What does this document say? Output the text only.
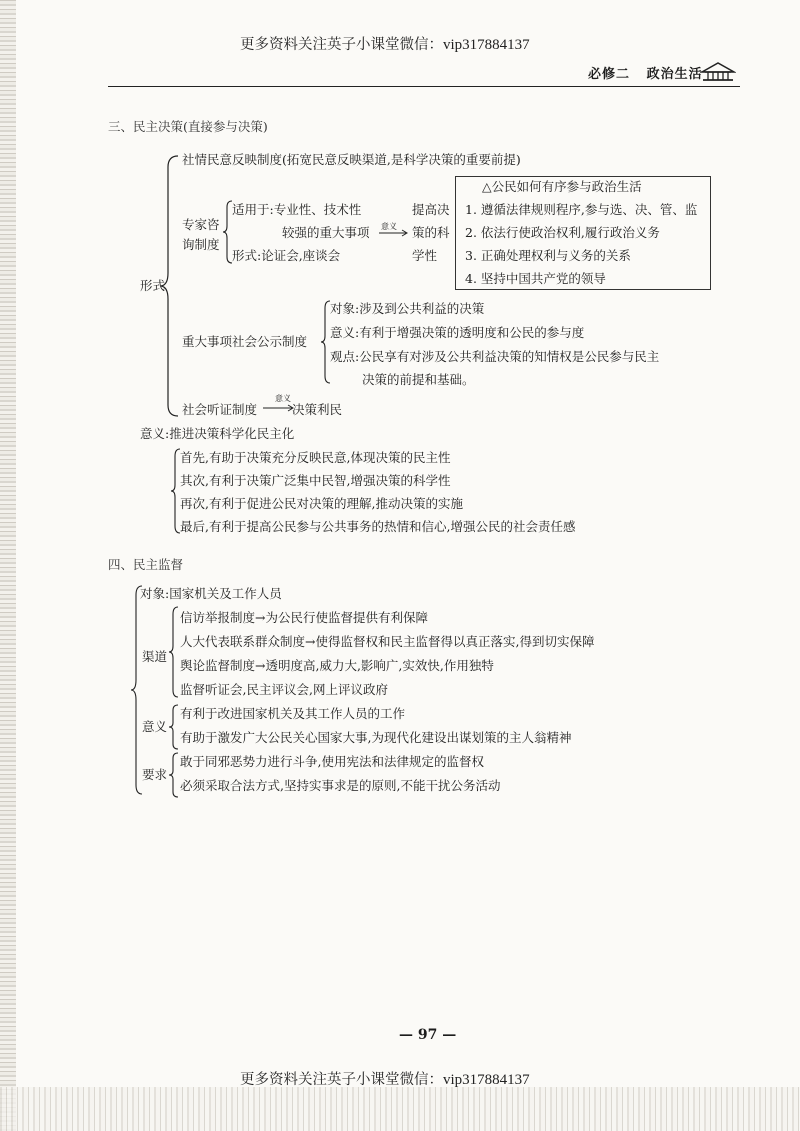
更多资料关注英子小课堂微信：vip317884137
必修二 政治生活
三、民主决策(直接参与决策)
形式
社情民意反映制度(拓宽民意反映渠道,是科学决策的重要前提)
专家咨
询制度
适用于:专业性、技术性
较强的重大事项
形式:论证会,座谈会
意义
提高决
策的科
学性
△公民如何有序参与政治生活
1. 遵循法律规则程序,参与选、决、管、监
2. 依法行使政治权利,履行政治义务
3. 正确处理权利与义务的关系
4. 坚持中国共产党的领导
重大事项社会公示制度
对象:涉及到公共利益的决策
意义:有利于增强决策的透明度和公民的参与度
观点:公民享有对涉及公共利益决策的知情权是公民参与民主
决策的前提和基础。
社会听证制度
意义
决策利民
意义:推进决策科学化民主化
首先,有助于决策充分反映民意,体现决策的民主性
其次,有利于决策广泛集中民智,增强决策的科学性
再次,有利于促进公民对决策的理解,推动决策的实施
最后,有利于提高公民参与公共事务的热情和信心,增强公民的社会责任感
四、民主监督
对象:国家机关及工作人员
渠道
信访举报制度→为公民行使监督提供有利保障
人大代表联系群众制度→使得监督权和民主监督得以真正落实,得到切实保障
舆论监督制度→透明度高,威力大,影响广,实效快,作用独特
监督听证会,民主评议会,网上评议政府
意义
有利于改进国家机关及其工作人员的工作
有助于激发广大公民关心国家大事,为现代化建设出谋划策的主人翁精神
要求
敢于同邪恶势力进行斗争,使用宪法和法律规定的监督权
必须采取合法方式,坚持实事求是的原则,不能干扰公务活动
— 97 —
更多资料关注英子小课堂微信：vip317884137
